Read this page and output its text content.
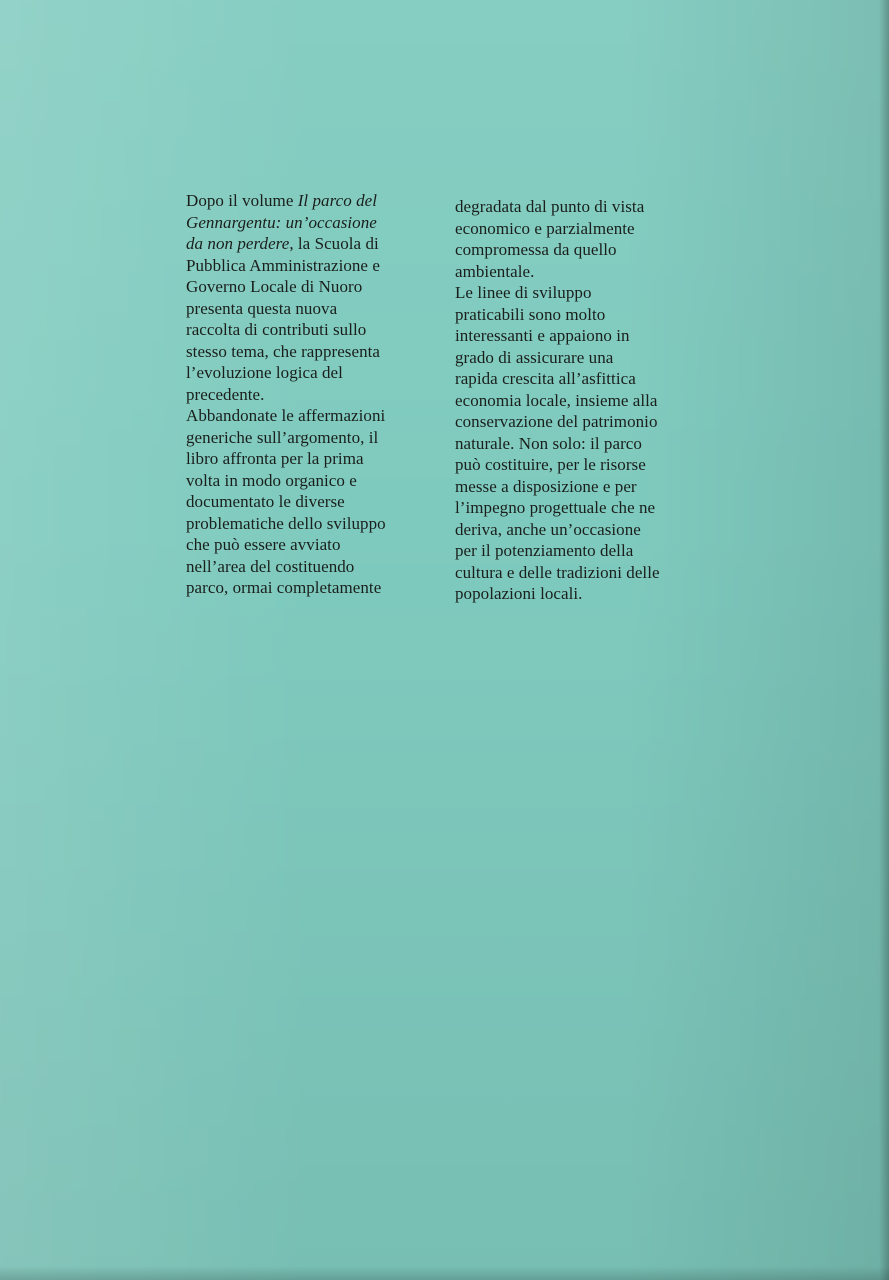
Dopo il volume Il parco del
Gennargentu: un’occasione
da non perdere, la Scuola di
Pubblica Amministrazione e
Governo Locale di Nuoro
presenta questa nuova
raccolta di contributi sullo
stesso tema, che rappresenta
l’evoluzione logica del
precedente.
Abbandonate le affermazioni
generiche sull’argomento, il
libro affronta per la prima
volta in modo organico e
documentato le diverse
problematiche dello sviluppo
che può essere avviato
nell’area del costituendo
parco, ormai completamente
degradata dal punto di vista
economico e parzialmente
compromessa da quello
ambientale.
Le linee di sviluppo
praticabili sono molto
interessanti e appaiono in
grado di assicurare una
rapida crescita all’asfittica
economia locale, insieme alla
conservazione del patrimonio
naturale. Non solo: il parco
può costituire, per le risorse
messe a disposizione e per
l’impegno progettuale che ne
deriva, anche un’occasione
per il potenziamento della
cultura e delle tradizioni delle
popolazioni locali.
